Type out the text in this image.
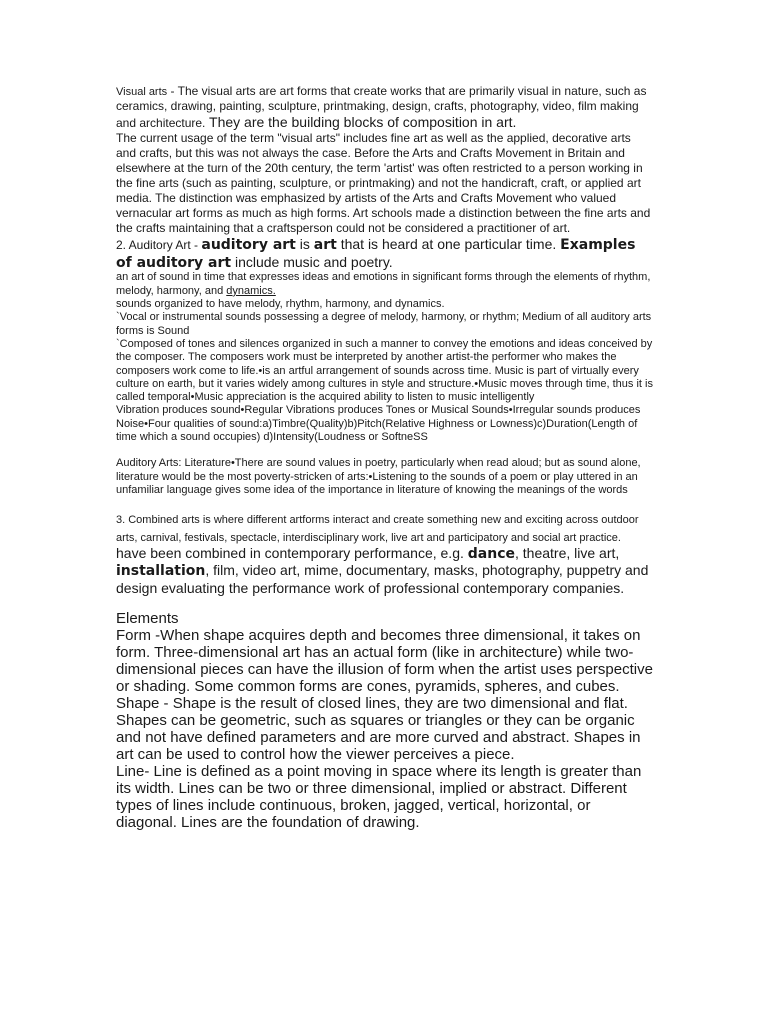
Visual arts - The visual arts are art forms that create works that are primarily visual in nature, such as ceramics, drawing, painting, sculpture, printmaking, design, crafts, photography, video, film making and architecture. They are the building blocks of composition in art.

The current usage of the term "visual arts" includes fine art as well as the applied, decorative arts and crafts, but this was not always the case. Before the Arts and Crafts Movement in Britain and elsewhere at the turn of the 20th century, the term 'artist' was often restricted to a person working in the fine arts (such as painting, sculpture, or printmaking) and not the handicraft, craft, or applied art media. The distinction was emphasized by artists of the Arts and Crafts Movement who valued vernacular art forms as much as high forms. Art schools made a distinction between the fine arts and the crafts maintaining that a craftsperson could not be considered a practitioner of art.

2. Auditory Art - auditory art is art that is heard at one particular time. Examples of auditory art include music and poetry.

an art of sound in time that expresses ideas and emotions in significant forms through the elements of rhythm, melody, harmony, and dynamics.

sounds organized to have melody, rhythm, harmony, and dynamics.

`Vocal or instrumental sounds possessing a degree of melody, harmony, or rhythm; Medium of all auditory arts forms is Sound

`Composed of tones and silences organized in such a manner to convey the emotions and ideas conceived by the composer. The composers work must be interpreted by another artist-the performer who makes the composers work come to life.•is an artful arrangement of sounds across time. Music is part of virtually every culture on earth, but it varies widely among cultures in style and structure.•Music moves through time, thus it is called temporal•Music appreciation is the acquired ability to listen to music intelligently

Vibration produces sound•Regular Vibrations produces Tones or Musical Sounds•Irregular sounds produces Noise•Four qualities of sound:a)Timbre(Quality)b)Pitch(Relative Highness or Lowness)c)Duration(Length of time which a sound occupies) d)Intensity(Loudness or SoftneSS

Auditory Arts: Literature•There are sound values in poetry, particularly when read aloud; but as sound alone, literature would be the most poverty-stricken of arts:•Listening to the sounds of a poem or play uttered in an unfamiliar language gives some idea of the importance in literature of knowing the meanings of the words

3. Combined arts is where different artforms interact and create something new and exciting across outdoor arts, carnival, festivals, spectacle, interdisciplinary work, live art and participatory and social art practice. have been combined in contemporary performance, e.g. dance, theatre, live art, installation, film, video art, mime, documentary, masks, photography, puppetry and design evaluating the performance work of professional contemporary companies.

Elements

Form -When shape acquires depth and becomes three dimensional, it takes on form. Three-dimensional art has an actual form (like in architecture) while two-dimensional pieces can have the illusion of form when the artist uses perspective or shading. Some common forms are cones, pyramids, spheres, and cubes.

Shape - Shape is the result of closed lines, they are two dimensional and flat. Shapes can be geometric, such as squares or triangles or they can be organic and not have defined parameters and are more curved and abstract. Shapes in art can be used to control how the viewer perceives a piece.

Line- Line is defined as a point moving in space where its length is greater than its width. Lines can be two or three dimensional, implied or abstract. Different types of lines include continuous, broken, jagged, vertical, horizontal, or diagonal. Lines are the foundation of drawing.
